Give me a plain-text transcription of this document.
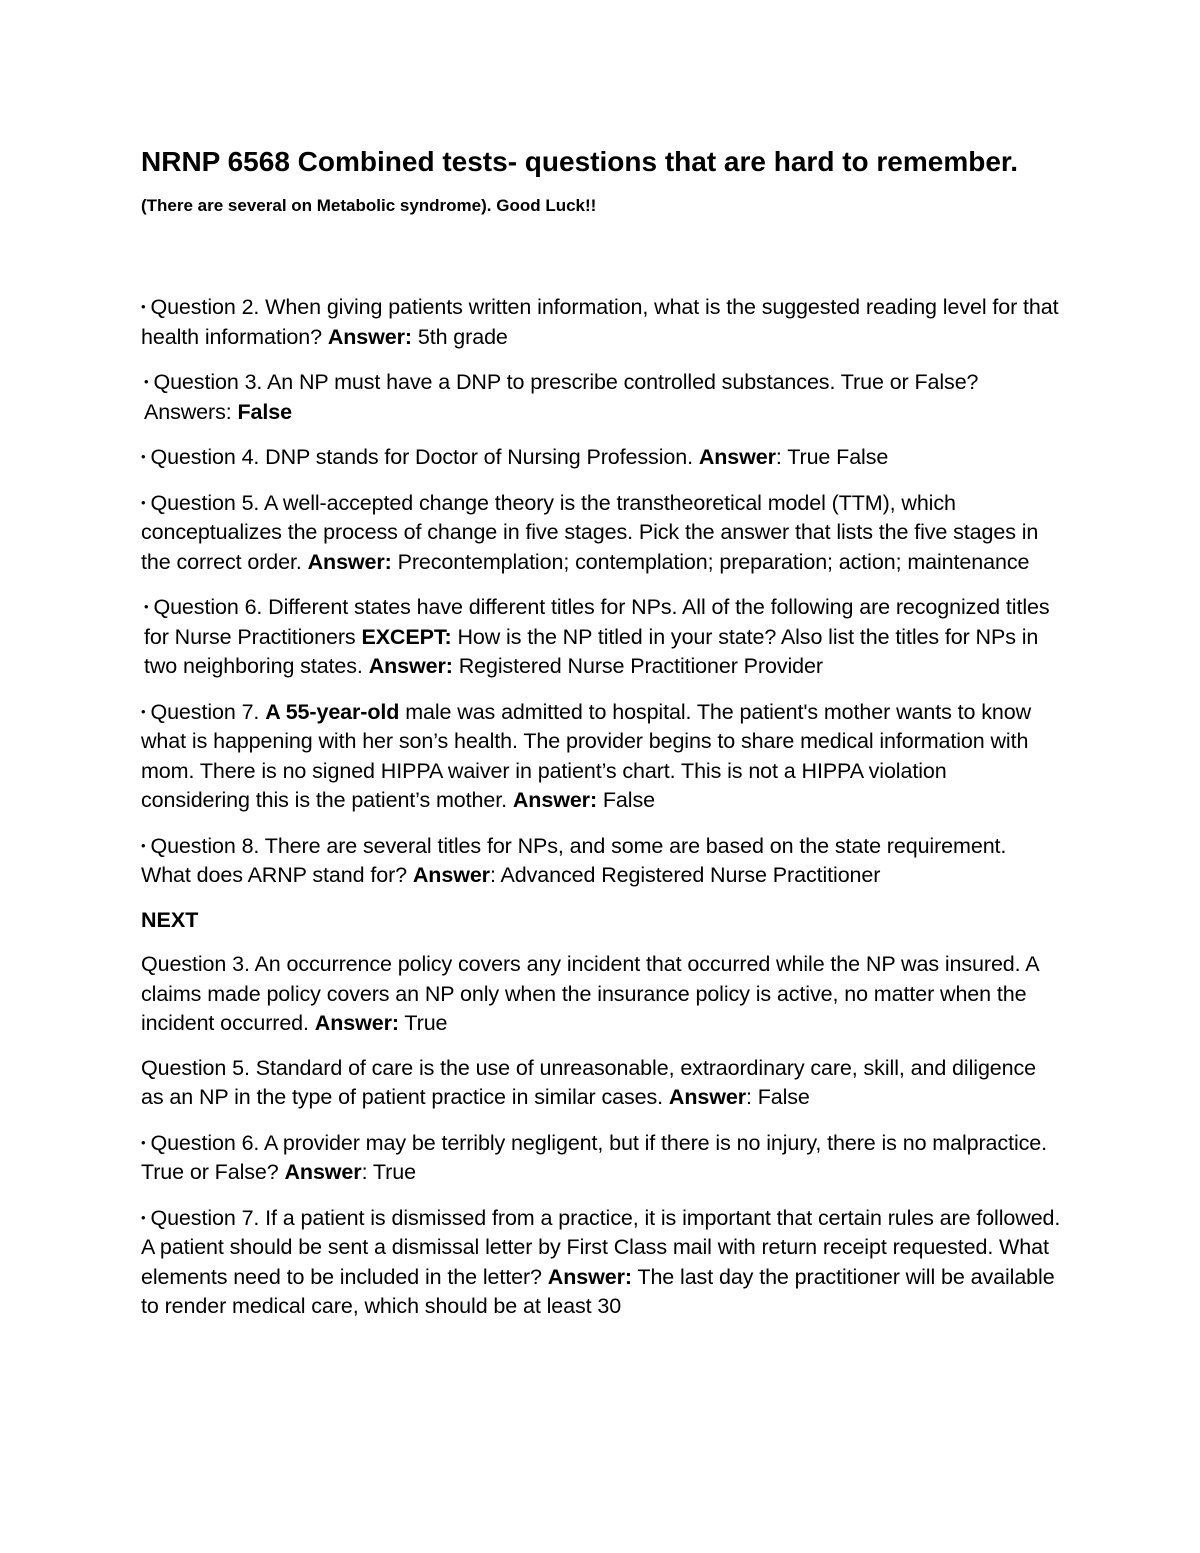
NRNP 6568 Combined tests- questions that are hard to remember. (There are several on Metabolic syndrome). Good Luck!!

• Question 2. When giving patients written information, what is the suggested reading level for that health information? Answer: 5th grade

• Question 3. An NP must have a DNP to prescribe controlled substances. True or False? Answers: False

• Question 4. DNP stands for Doctor of Nursing Profession. Answer: True False

• Question 5. A well-accepted change theory is the transtheoretical model (TTM), which conceptualizes the process of change in five stages. Pick the answer that lists the five stages in the correct order. Answer: Precontemplation; contemplation; preparation; action; maintenance

• Question 6. Different states have different titles for NPs. All of the following are recognized titles for Nurse Practitioners EXCEPT: How is the NP titled in your state? Also list the titles for NPs in two neighboring states. Answer: Registered Nurse Practitioner Provider

• Question 7. A 55-year-old male was admitted to hospital. The patient's mother wants to know what is happening with her son’s health. The provider begins to share medical information with mom. There is no signed HIPPA waiver in patient’s chart. This is not a HIPPA violation considering this is the patient’s mother. Answer: False

• Question 8. There are several titles for NPs, and some are based on the state requirement. What does ARNP stand for? Answer: Advanced Registered Nurse Practitioner

NEXT

Question 3. An occurrence policy covers any incident that occurred while the NP was insured. A claims made policy covers an NP only when the insurance policy is active, no matter when the incident occurred. Answer: True

Question 5. Standard of care is the use of unreasonable, extraordinary care, skill, and diligence as an NP in the type of patient practice in similar cases. Answer: False

• Question 6. A provider may be terribly negligent, but if there is no injury, there is no malpractice. True or False? Answer: True

• Question 7. If a patient is dismissed from a practice, it is important that certain rules are followed. A patient should be sent a dismissal letter by First Class mail with return receipt requested. What elements need to be included in the letter? Answer: The last day the practitioner will be available to render medical care, which should be at least 30
